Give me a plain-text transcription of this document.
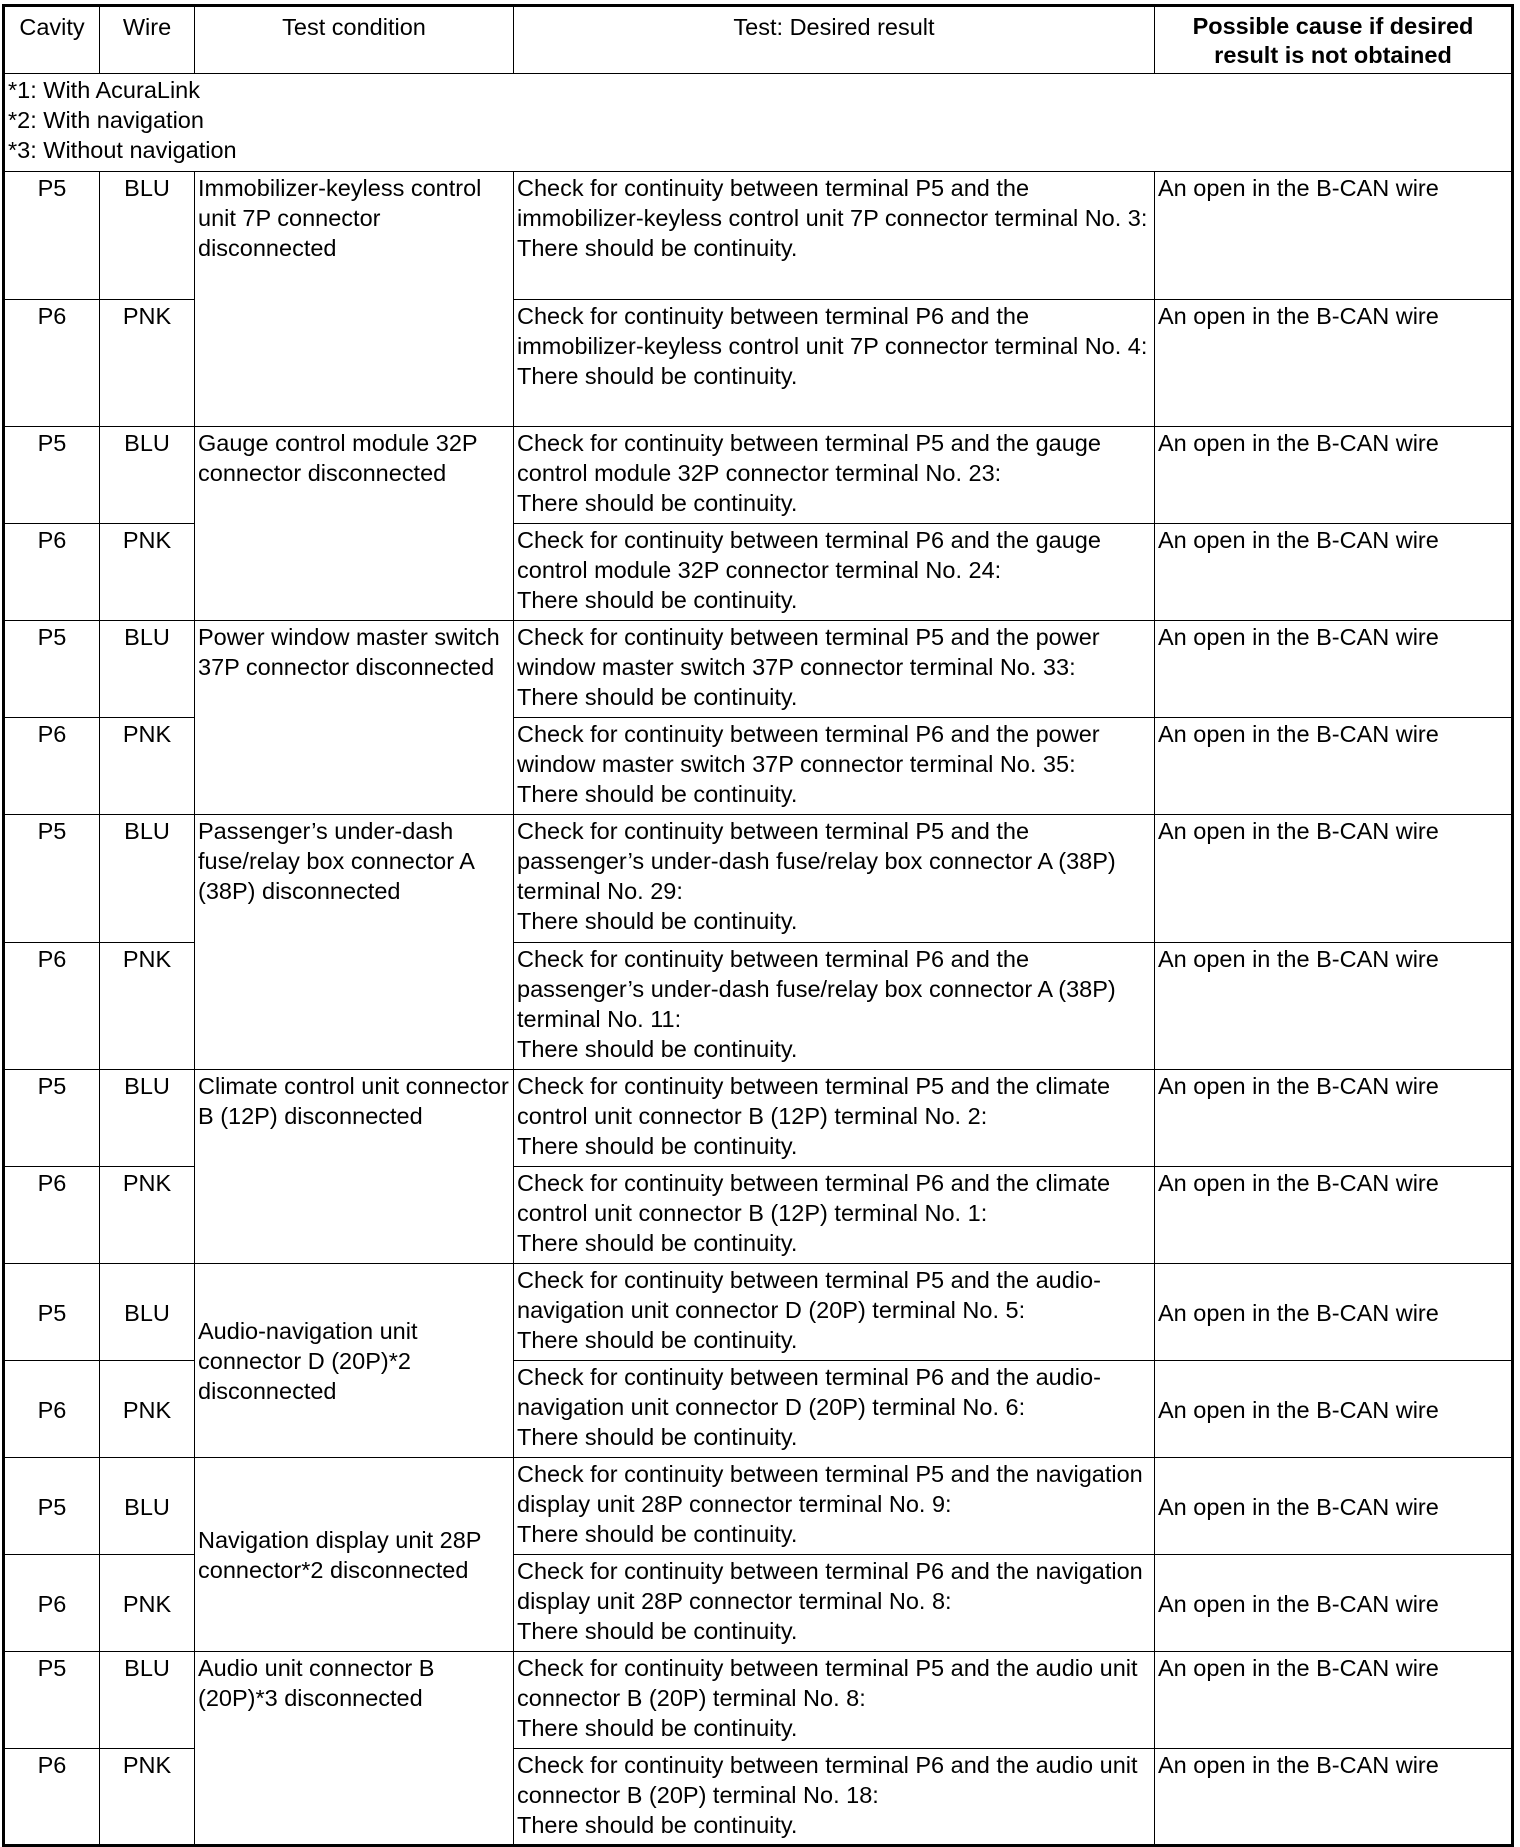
Cavity	Wire	Test condition	Test: Desired result	Possible cause if desired result is not obtained

*1: With AcuraLink
*2: With navigation
*3: Without navigation				

P5	BLU	Immobilizer-keyless control unit 7P connector disconnected	Check for continuity between terminal P5 and the immobilizer-keyless control unit 7P connector terminal No. 3:
There should be continuity.	An open in the B-CAN wire
P6	PNK		Check for continuity between terminal P6 and the immobilizer-keyless control unit 7P connector terminal No. 4:
There should be continuity.	An open in the B-CAN wire
P5	BLU	Gauge control module 32P connector disconnected	Check for continuity between terminal P5 and the gauge control module 32P connector terminal No. 23:
There should be continuity.	An open in the B-CAN wire
P6	PNK		Check for continuity between terminal P6 and the gauge control module 32P connector terminal No. 24:
There should be continuity.	An open in the B-CAN wire
P5	BLU	Power window master switch 37P connector disconnected	Check for continuity between terminal P5 and the power window master switch 37P connector terminal No. 33:
There should be continuity.	An open in the B-CAN wire
P6	PNK		Check for continuity between terminal P6 and the power window master switch 37P connector terminal No. 35:
There should be continuity.	An open in the B-CAN wire
P5	BLU	Passenger’s under-dash fuse/relay box connector A (38P) disconnected	Check for continuity between terminal P5 and the passenger’s under-dash fuse/relay box connector A (38P) terminal No. 29:
There should be continuity.	An open in the B-CAN wire
P6	PNK		Check for continuity between terminal P6 and the passenger’s under-dash fuse/relay box connector A (38P) terminal No. 11:
There should be continuity.	An open in the B-CAN wire
P5	BLU	Climate control unit connector B (12P) disconnected	Check for continuity between terminal P5 and the climate control unit connector B (12P) terminal No. 2:
There should be continuity.	An open in the B-CAN wire
P6	PNK		Check for continuity between terminal P6 and the climate control unit connector B (12P) terminal No. 1:
There should be continuity.	An open in the B-CAN wire
P5	BLU	Audio-navigation unit connector D (20P)*2 disconnected	Check for continuity between terminal P5 and the audio-navigation unit connector D (20P) terminal No. 5:
There should be continuity.	An open in the B-CAN wire
P6	PNK		Check for continuity between terminal P6 and the audio-navigation unit connector D (20P) terminal No. 6:
There should be continuity.	An open in the B-CAN wire
P5	BLU	Navigation display unit 28P connector*2 disconnected	Check for continuity between terminal P5 and the navigation display unit 28P connector terminal No. 9:
There should be continuity.	An open in the B-CAN wire
P6	PNK		Check for continuity between terminal P6 and the navigation display unit 28P connector terminal No. 8:
There should be continuity.	An open in the B-CAN wire
P5	BLU	Audio unit connector B (20P)*3 disconnected	Check for continuity between terminal P5 and the audio unit connector B (20P) terminal No. 8:
There should be continuity.	An open in the B-CAN wire
P6	PNK		Check for continuity between terminal P6 and the audio unit connector B (20P) terminal No. 18:
There should be continuity.	An open in the B-CAN wire
